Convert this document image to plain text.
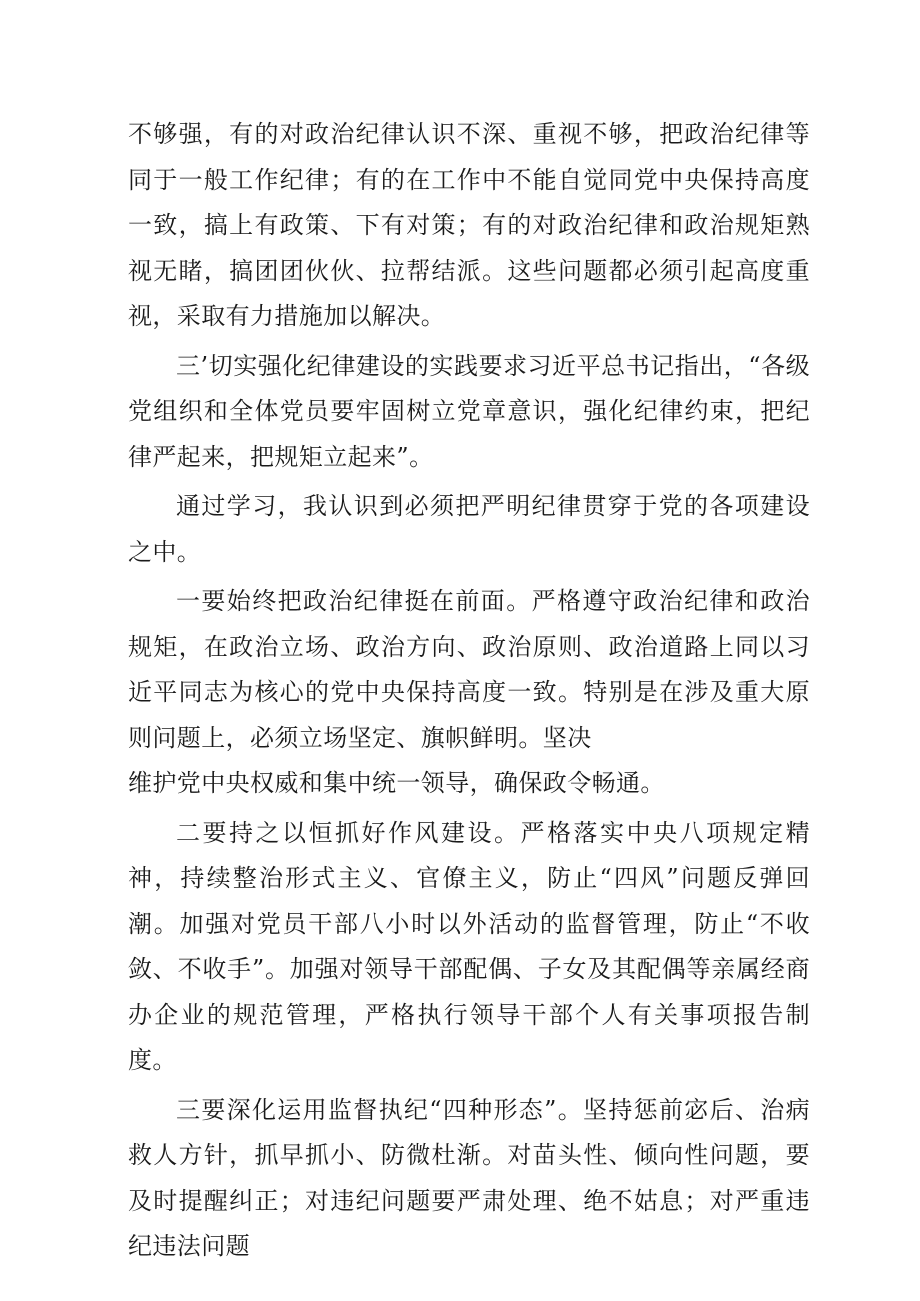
不够强，有的对政治纪律认识不深、重视不够，把政治纪律等同于一般工作纪律；有的在工作中不能自觉同党中央保持高度一致，搞上有政策、下有对策；有的对政治纪律和政治规矩熟视无睹，搞团团伙伙、拉帮结派。这些问题都必须引起高度重视，采取有力措施加以解决。

三’切实强化纪律建设的实践要求习近平总书记指出，“各级党组织和全体党员要牢固树立党章意识，强化纪律约束，把纪律严起来，把规矩立起来”。

通过学习，我认识到必须把严明纪律贯穿于党的各项建设之中。

一要始终把政治纪律挺在前面。严格遵守政治纪律和政治规矩，在政治立场、政治方向、政治原则、政治道路上同以习近平同志为核心的党中央保持高度一致。特别是在涉及重大原则问题上，必须立场坚定、旗帜鲜明。坚决

维护党中央权威和集中统一领导，确保政令畅通。

二要持之以恒抓好作风建设。严格落实中央八项规定精神，持续整治形式主义、官僚主义，防止“四风”问题反弹回潮。加强对党员干部八小时以外活动的监督管理，防止“不收敛、不收手”。加强对领导干部配偶、子女及其配偶等亲属经商办企业的规范管理，严格执行领导干部个人有关事项报告制度。

三要深化运用监督执纪“四种形态”。坚持惩前宓后、治病救人方针，抓早抓小、防微杜渐。对苗头性、倾向性问题，要及时提醒纠正；对违纪问题要严肃处理、绝不姑息；对严重违纪违法问题
